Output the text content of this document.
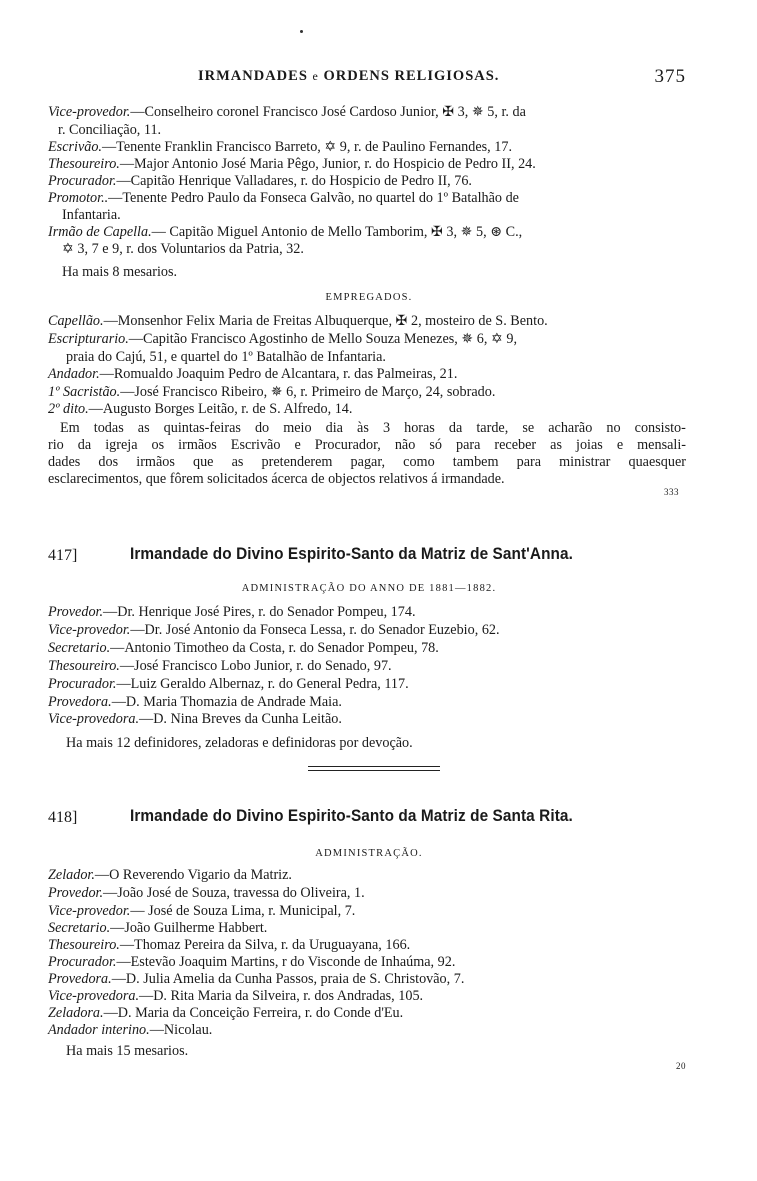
IRMANDADES e ORDENS RELIGIOSAS.	375
Vice-provedor.—Conselheiro coronel Francisco José Cardoso Junior, ✠ 3, ✵ 5, r. da
r. Conciliação, 11.
Escrivão.—Tenente Franklin Francisco Barreto, ✡ 9, r. de Paulino Fernandes, 17.
Thesoureiro.—Major Antonio José Maria Pêgo, Junior, r. do Hospicio de Pedro II, 24.
Procurador.—Capitão Henrique Valladares, r. do Hospicio de Pedro II, 76.
Promotor..—Tenente Pedro Paulo da Fonseca Galvão, no quartel do 1º Batalhão de
Infantaria.
Irmão de Capella.— Capitão Miguel Antonio de Mello Tamborim, ✠ 3, ✵ 5, ⊛ C.,
✡ 3, 7 e 9, r. dos Voluntarios da Patria, 32.
Ha mais 8 mesarios.
EMPREGADOS.
Capellão.—Monsenhor Felix Maria de Freitas Albuquerque, ✠ 2, mosteiro de S. Bento.
Escripturario.—Capitão Francisco Agostinho de Mello Souza Menezes, ✵ 6, ✡ 9,
praia do Cajú, 51, e quartel do 1º Batalhão de Infantaria.
Andador.—Romualdo Joaquim Pedro de Alcantara, r. das Palmeiras, 21.
1º Sacristão.—José Francisco Ribeiro, ✵ 6, r. Primeiro de Março, 24, sobrado.
2º dito.—Augusto Borges Leitão, r. de S. Alfredo, 14.
Em todas as quintas-feiras do meio dia às 3 horas da tarde, se acharão no consisto-
rio da igreja os irmãos Escrivão e Procurador, não só para receber as joias e mensali-
dades dos irmãos que as pretenderem pagar, como tambem para ministrar quaesquer
esclarecimentos, que fôrem solicitados ácerca de objectos relativos á irmandade.
333
417]	Irmandade do Divino Espirito-Santo da Matriz de Sant'Anna.
ADMINISTRAÇÃO DO ANNO DE 1881—1882.
Provedor.—Dr. Henrique José Pires, r. do Senador Pompeu, 174.
Vice-provedor.—Dr. José Antonio da Fonseca Lessa, r. do Senador Euzebio, 62.
Secretario.—Antonio Timotheo da Costa, r. do Senador Pompeu, 78.
Thesoureiro.—José Francisco Lobo Junior, r. do Senado, 97.
Procurador.—Luiz Geraldo Albernaz, r. do General Pedra, 117.
Provedora.—D. Maria Thomazia de Andrade Maia.
Vice-provedora.—D. Nina Breves da Cunha Leitão.
Ha mais 12 definidores, zeladoras e definidoras por devoção.
418]	Irmandade do Divino Espirito-Santo da Matriz de Santa Rita.
ADMINISTRAÇÃO.
Zelador.—O Reverendo Vigario da Matriz.
Provedor.—João José de Souza, travessa do Oliveira, 1.
Vice-provedor.— José de Souza Lima, r. Municipal, 7.
Secretario.—João Guilherme Habbert.
Thesoureiro.—Thomaz Pereira da Silva, r. da Uruguayana, 166.
Procurador.—Estevão Joaquim Martins, r do Visconde de Inhaúma, 92.
Provedora.—D. Julia Amelia da Cunha Passos, praia de S. Christovão, 7.
Vice-provedora.—D. Rita Maria da Silveira, r. dos Andradas, 105.
Zeladora.—D. Maria da Conceição Ferreira, r. do Conde d'Eu.
Andador interino.—Nicolau.
Ha mais 15 mesarios.
20
